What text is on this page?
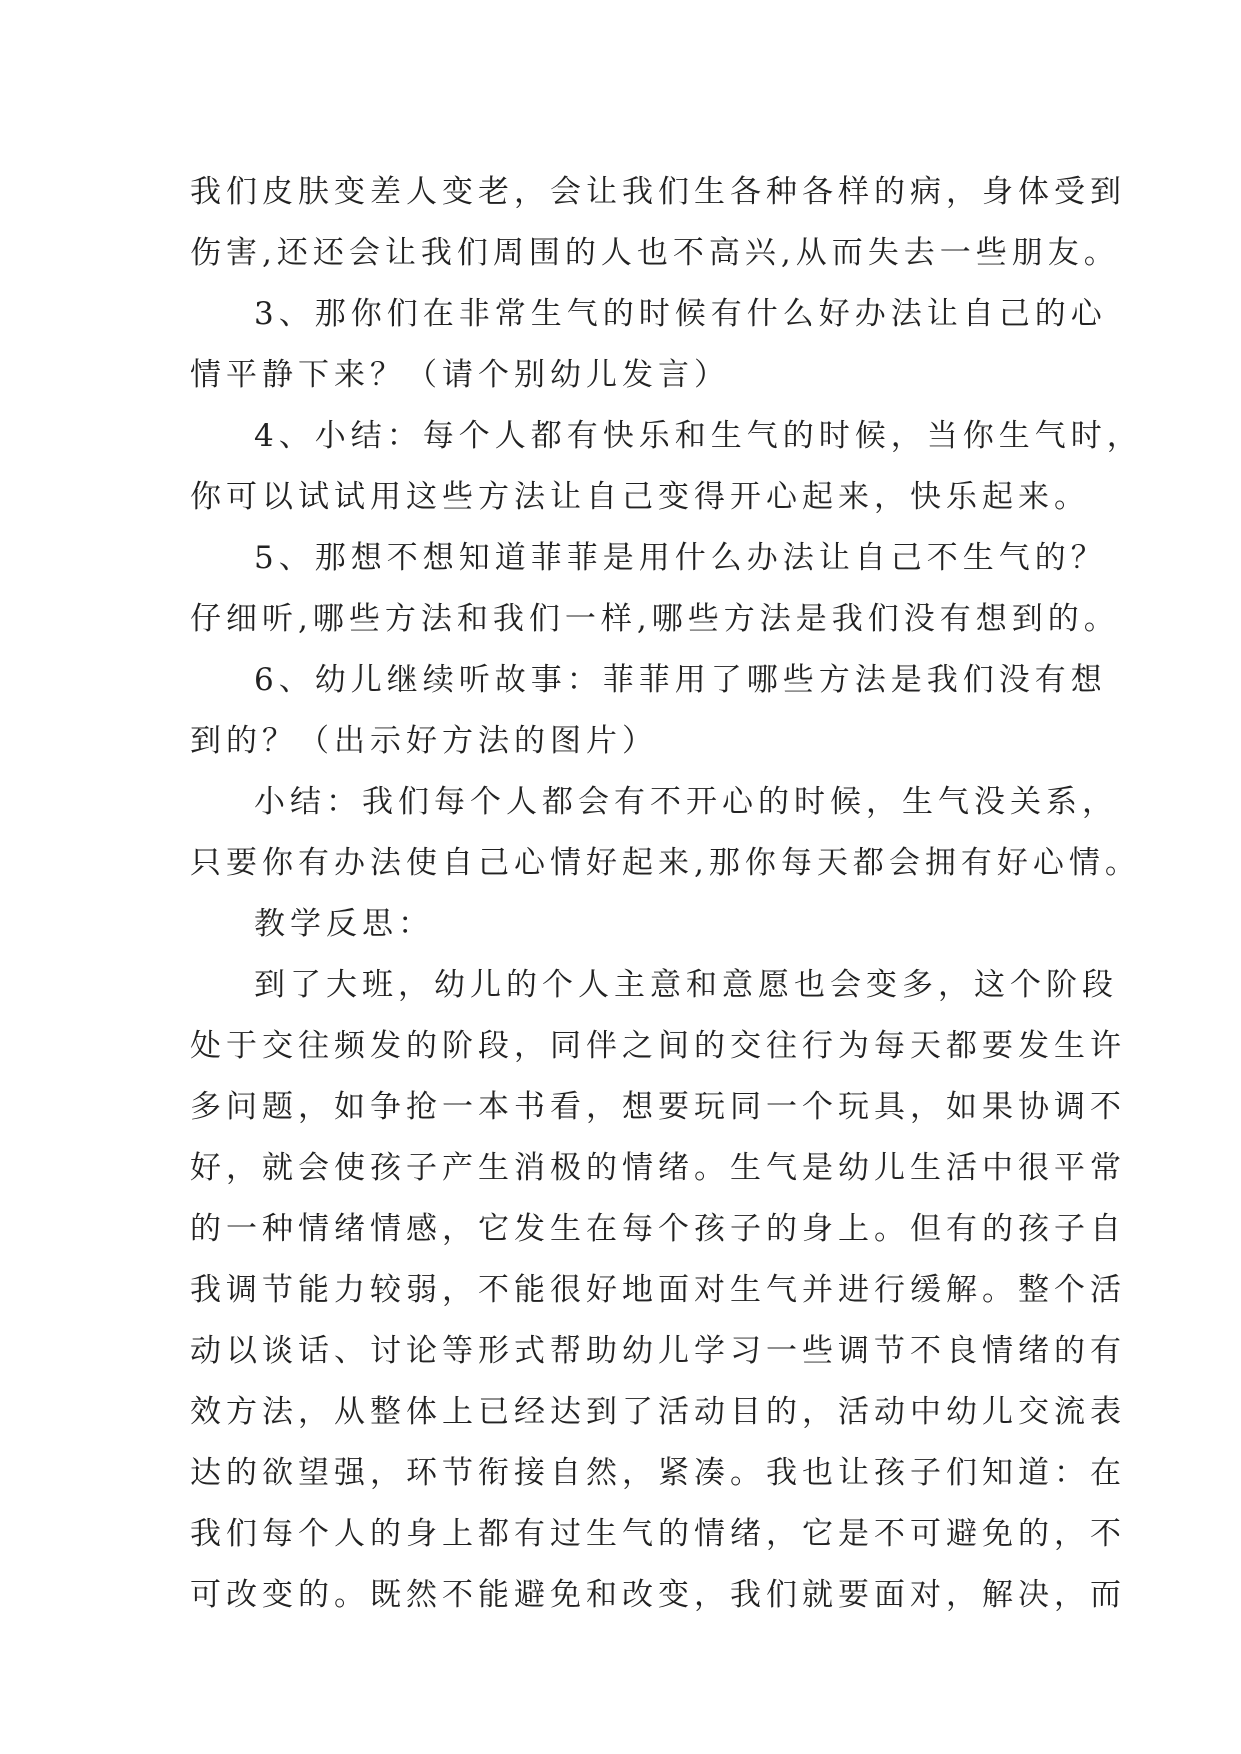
我们皮肤变差人变老，会让我们生各种各样的病，身体受到
伤害,还还会让我们周围的人也不高兴,从而失去一些朋友。
3、那你们在非常生气的时候有什么好办法让自己的心
情平静下来？（请个别幼儿发言）
4、小结：每个人都有快乐和生气的时候，当你生气时，
你可以试试用这些方法让自己变得开心起来，快乐起来。
5、那想不想知道菲菲是用什么办法让自己不生气的？
仔细听,哪些方法和我们一样,哪些方法是我们没有想到的。
6、幼儿继续听故事：菲菲用了哪些方法是我们没有想
到的？（出示好方法的图片）
小结：我们每个人都会有不开心的时候，生气没关系，
只要你有办法使自己心情好起来,那你每天都会拥有好心情。
教学反思：
到了大班，幼儿的个人主意和意愿也会变多，这个阶段
处于交往频发的阶段，同伴之间的交往行为每天都要发生许
多问题，如争抢一本书看，想要玩同一个玩具，如果协调不
好，就会使孩子产生消极的情绪。生气是幼儿生活中很平常
的一种情绪情感，它发生在每个孩子的身上。但有的孩子自
我调节能力较弱，不能很好地面对生气并进行缓解。整个活
动以谈话、讨论等形式帮助幼儿学习一些调节不良情绪的有
效方法，从整体上已经达到了活动目的，活动中幼儿交流表
达的欲望强，环节衔接自然，紧凑。我也让孩子们知道：在
我们每个人的身上都有过生气的情绪，它是不可避免的，不
可改变的。既然不能避免和改变，我们就要面对，解决，而
